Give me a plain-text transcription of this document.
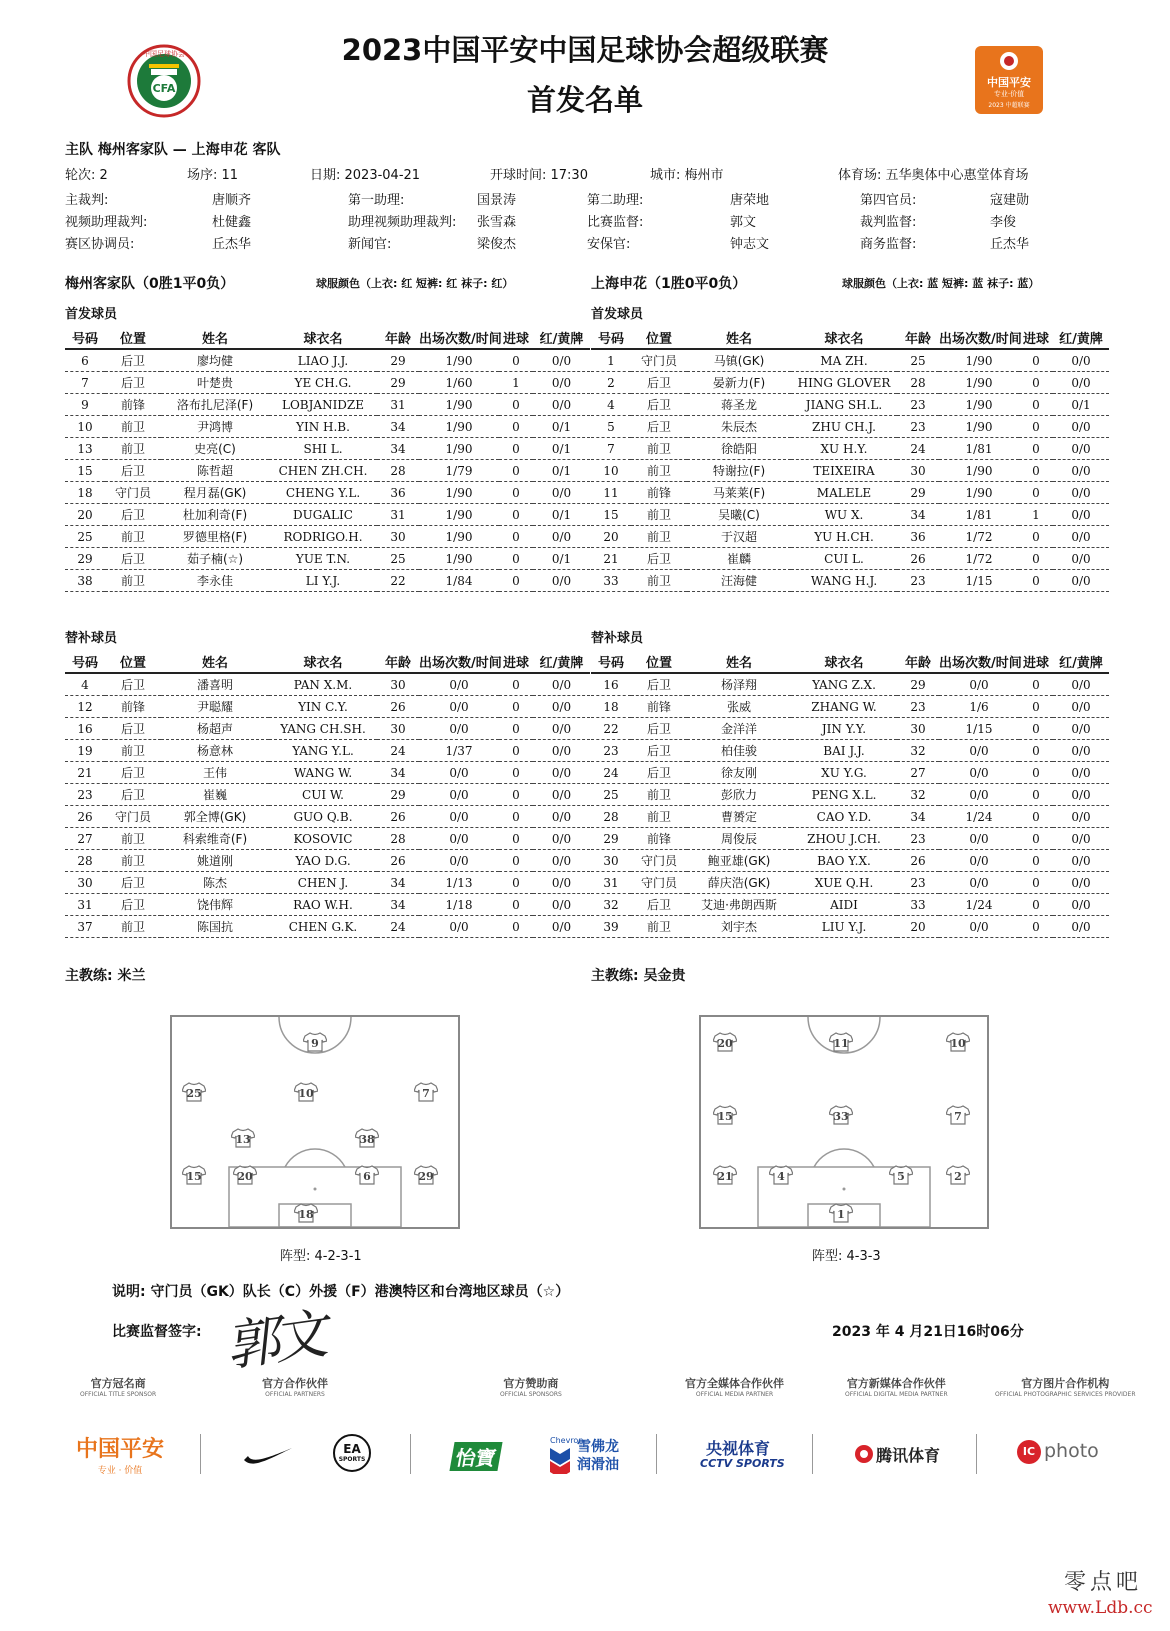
CFA
中国足球协会	2023中国平安中国足球协会超级联赛
首发名单
中国平安
专业·价值
2023 中超联赛
主队 梅州客家队 — 上海申花 客队
轮次: 2	场序: 11	日期: 2023-04-21	开球时间: 17:30	城市: 梅州市	体育场: 五华奥体中心惠堂体育场
主裁判:	唐顺齐	第一助理:	国景涛	第二助理:	唐荣地	第四官员:	寇建勋
视频助理裁判:	杜健鑫	助理视频助理裁判: 张雪森	比赛监督:	郭文	裁判监督:	李俊
赛区协调员:	丘杰华	新闻官:	梁俊杰	安保官:	钟志文	商务监督:	丘杰华
梅州客家队（0胜1平0负）	球服颜色（上衣: 红 短裤: 红 袜子: 红）
首发球员
号码	位置	姓名	球衣名	年龄	出场次数/时间	进球	红/黄牌
6	后卫	廖均健	LIAO J.J.	29	1/90	0	0/0
7	后卫	叶楚贵	YE CH.G.	29	1/60	1	0/0
9	前锋	洛布扎尼泽(F)	LOBJANIDZE	31	1/90	0	0/0
10	前卫	尹鸿博	YIN H.B.	34	1/90	0	0/1
13	前卫	史亮(C)	SHI L.	34	1/90	0	0/1
15	后卫	陈哲超	CHEN ZH.CH.	28	1/79	0	0/1
18	守门员	程月磊(GK)	CHENG Y.L.	36	1/90	0	0/0
20	后卫	杜加利奇(F)	DUGALIC	31	1/90	0	0/1
25	前卫	罗德里格(F)	RODRIGO.H.	30	1/90	0	0/0
29	后卫	茹子楠(☆)	YUE T.N.	25	1/90	0	0/1
38	前卫	李永佳	LI Y.J.	22	1/84	0	0/0
替补球员
号码	位置	姓名	球衣名	年龄	出场次数/时间	进球	红/黄牌
4	后卫	潘喜明	PAN X.M.	30	0/0	0	0/0
12	前锋	尹聪耀	YIN C.Y.	26	0/0	0	0/0
16	后卫	杨超声	YANG CH.SH.	30	0/0	0	0/0
19	前卫	杨意林	YANG Y.L.	24	1/37	0	0/0
21	后卫	王伟	WANG W.	34	0/0	0	0/0
23	后卫	崔巍	CUI W.	29	0/0	0	0/0
26	守门员	郭全博(GK)	GUO Q.B.	26	0/0	0	0/0
27	前卫	科索维奇(F)	KOSOVIC	28	0/0	0	0/0
28	前卫	姚道刚	YAO D.G.	26	0/0	0	0/0
30	后卫	陈杰	CHEN J.	34	1/13	0	0/0
31	后卫	饶伟辉	RAO W.H.	34	1/18	0	0/0
37	前卫	陈国抗	CHEN G.K.	24	0/0	0	0/0
主教练: 米兰
上海申花（1胜0平0负）	球服颜色（上衣: 蓝 短裤: 蓝 袜子: 蓝）
首发球员
号码	位置	姓名	球衣名	年龄	出场次数/时间	进球	红/黄牌
1	守门员	马镇(GK)	MA ZH.	25	1/90	0	0/0
2	后卫	晏新力(F)	HING GLOVER	28	1/90	0	0/0
4	后卫	蒋圣龙	JIANG SH.L.	23	1/90	0	0/1
5	后卫	朱辰杰	ZHU CH.J.	23	1/90	0	0/0
7	前卫	徐皓阳	XU H.Y.	24	1/81	0	0/0
10	前卫	特谢拉(F)	TEIXEIRA	30	1/90	0	0/0
11	前锋	马莱莱(F)	MALELE	29	1/90	0	0/0
15	前卫	吴曦(C)	WU X.	34	1/81	1	0/0
20	前卫	于汉超	YU H.CH.	36	1/72	0	0/0
21	后卫	崔麟	CUI L.	26	1/72	0	0/0
33	前卫	汪海健	WANG H.J.	23	1/15	0	0/0
替补球员
号码	位置	姓名	球衣名	年龄	出场次数/时间	进球	红/黄牌
16	后卫	杨泽翔	YANG Z.X.	29	0/0	0	0/0
18	前锋	张威	ZHANG W.	23	1/6	0	0/0
22	后卫	金洋洋	JIN Y.Y.	30	1/15	0	0/0
23	后卫	柏佳骏	BAI J.J.	32	0/0	0	0/0
24	后卫	徐友刚	XU Y.G.	27	0/0	0	0/0
25	前卫	彭欣力	PENG X.L.	32	0/0	0	0/0
28	前卫	曹赟定	CAO Y.D.	34	1/24	0	0/0
29	前锋	周俊辰	ZHOU J.CH.	23	0/0	0	0/0
30	守门员	鲍亚雄(GK)	BAO Y.X.	26	0/0	0	0/0
31	守门员	薛庆浩(GK)	XUE Q.H.	23	0/0	0	0/0
32	后卫	艾迪·弗朗西斯	AIDI	33	1/24	0	0/0
39	前卫	刘宇杰	LIU Y.J.	20	0/0	0	0/0
主教练: 吴金贵
9
25	10	7
13	38
15	20	6	29
18
阵型: 4-2-3-1
20	11	10
15	33	7
21	4	5	2
1
阵型: 4-3-3
说明: 守门员（GK）队长（C）外援（F）港澳特区和台湾地区球员（☆）
比赛监督签字: 郭文	2023 年 4 月21日16时06分
官方冠名商
OFFICIAL TITLE SPONSOR
官方合作伙伴
OFFICIAL PARTNERS
官方赞助商
OFFICIAL SPONSORS
官方全媒体合作伙伴
OFFICIAL MEDIA PARTNER
官方新媒体合作伙伴
OFFICIAL DIGITAL MEDIA PARTNER
官方图片合作机构
OFFICIAL PHOTOGRAPHIC SERVICES PROVIDER
中国平安
专业 · 价值
EA
SPORTS	怡寶
Chevron
雪佛龙
润滑油
央视体育
CCTV SPORTS	腾讯体育	IC photo
零点吧
www.Ldb.cc
